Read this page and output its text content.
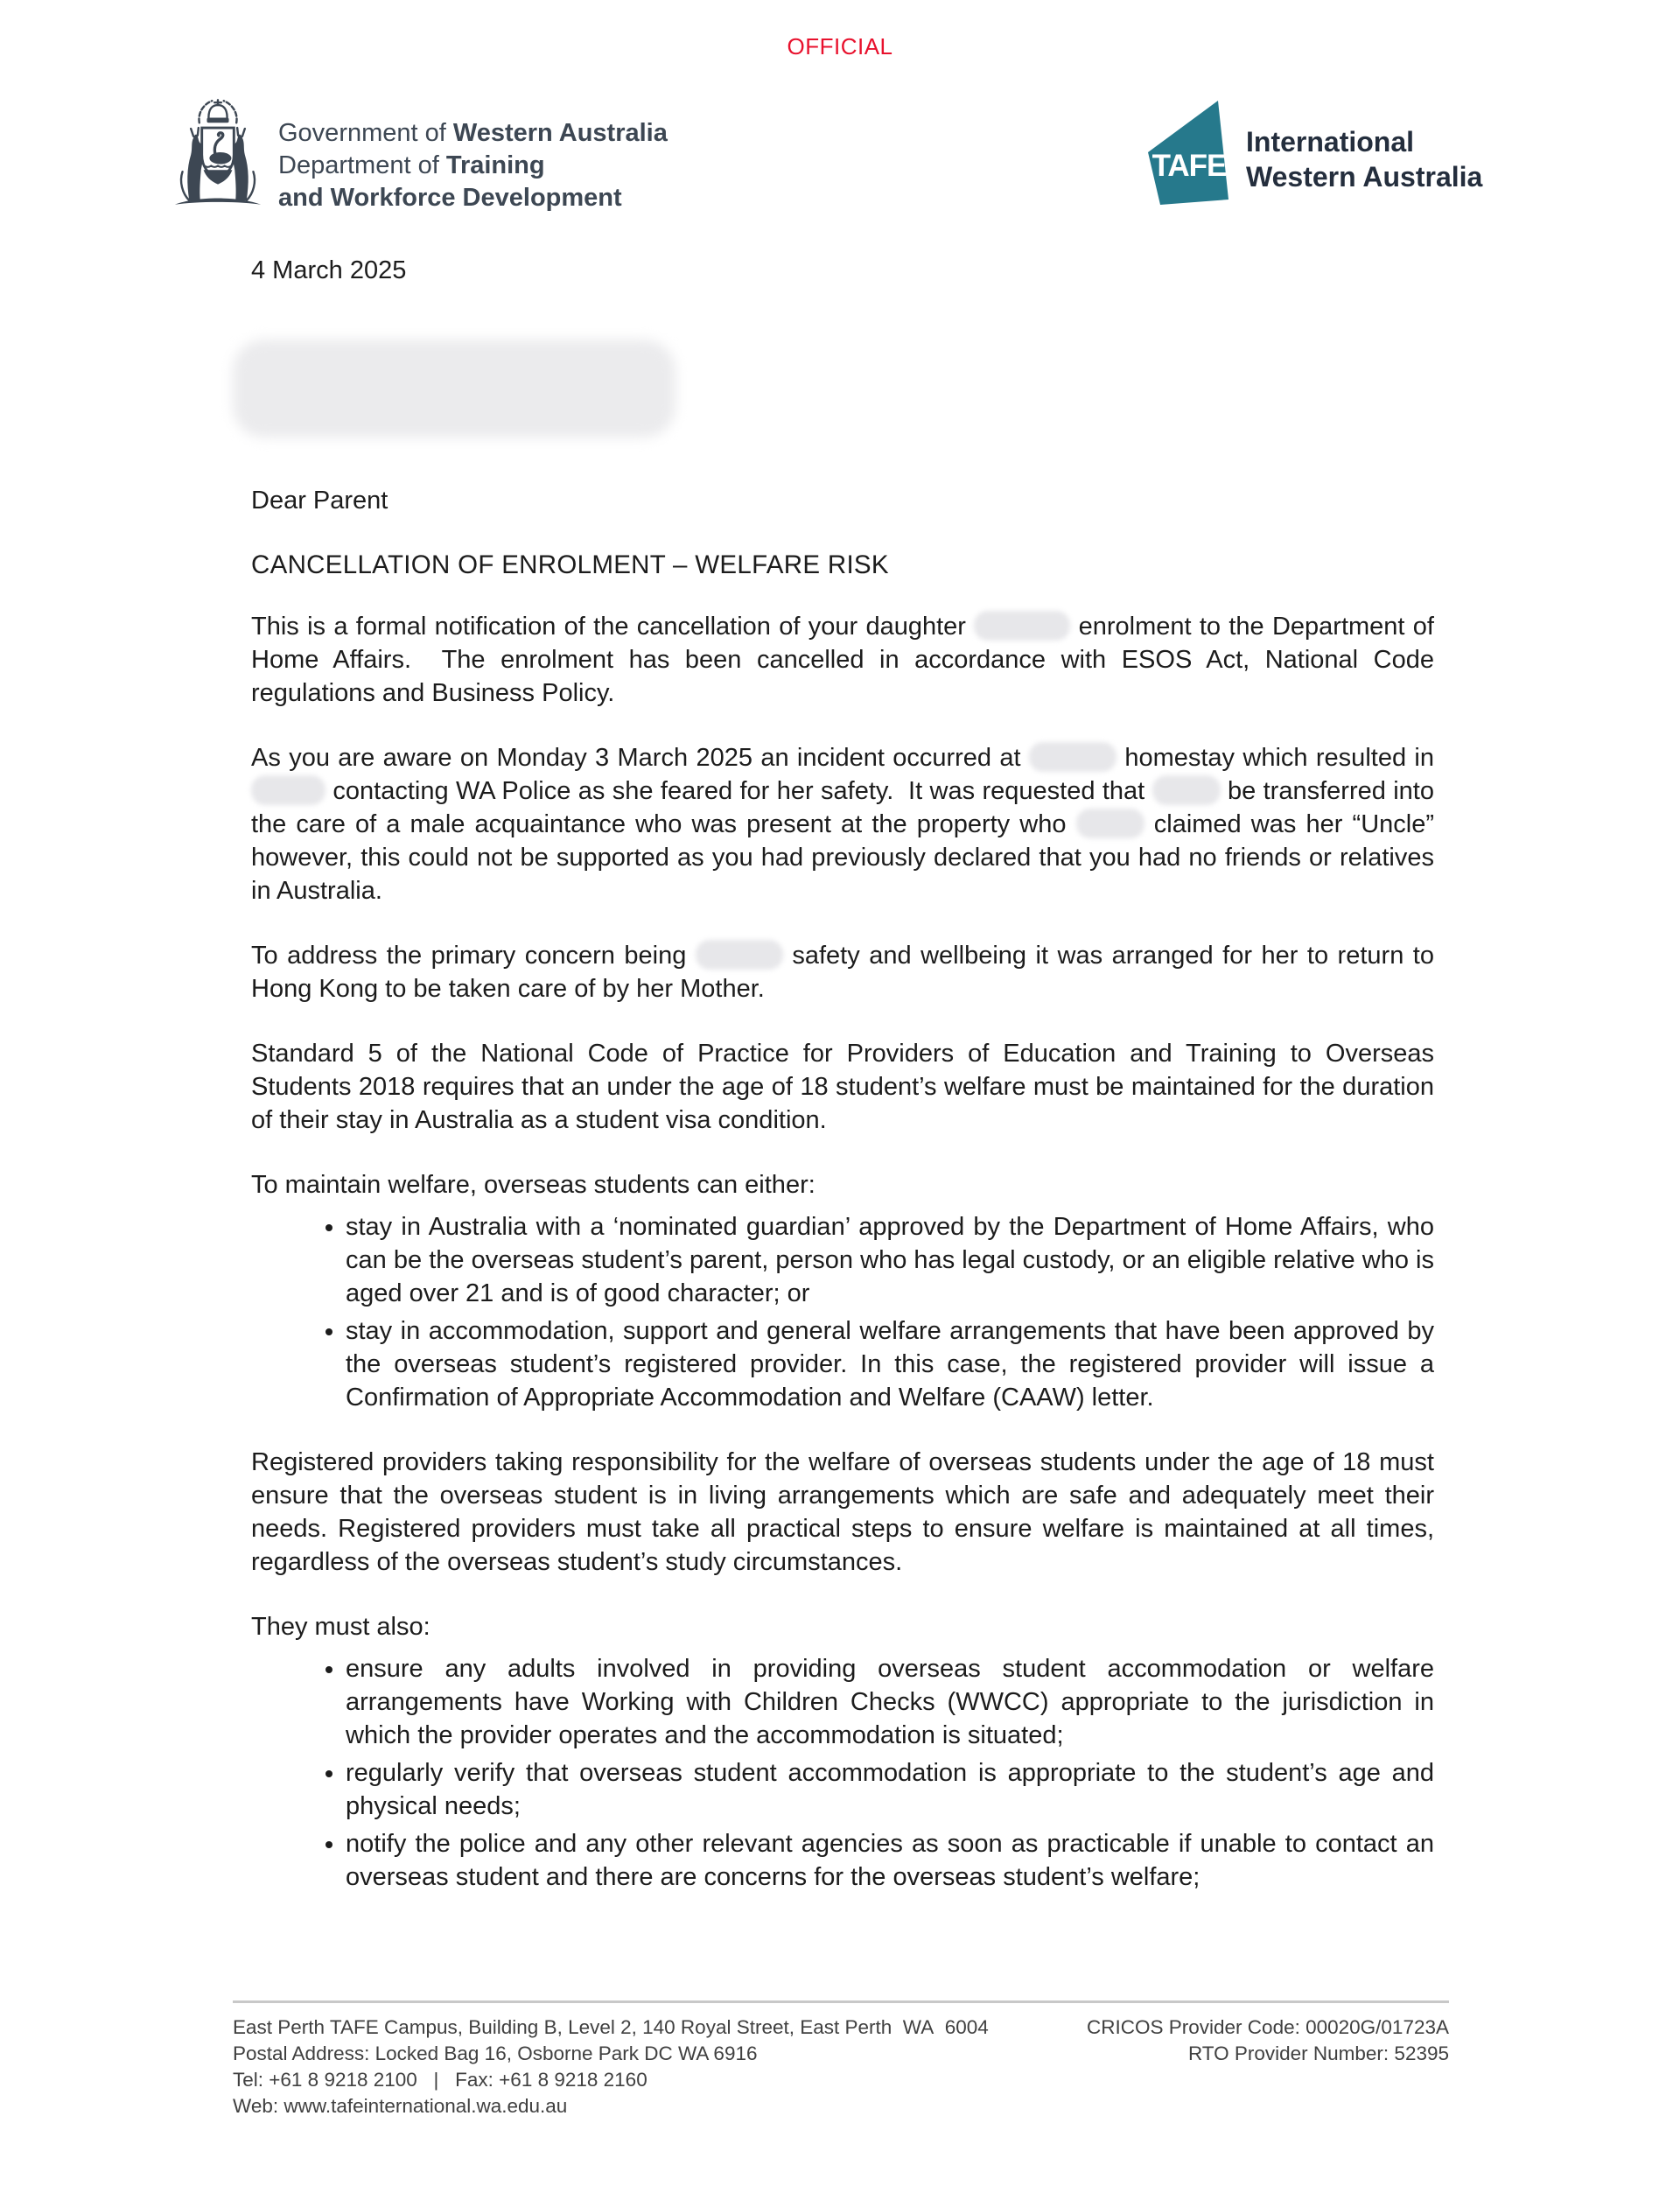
OFFICIAL
Government of Western Australia
Department of Training
and Workforce Development
TAFE
International
Western Australia
4 March 2025
Dear Parent
CANCELLATION OF ENROLMENT – WELFARE RISK

This is a formal notification of the cancellation of your daughter	enrolment to the Department of Home Affairs.  The enrolment has been cancelled in accordance with ESOS Act, National Code regulations and Business Policy.

As you are aware on Monday 3 March 2025 an incident occurred at	homestay which resulted in  contacting WA Police as she feared for her safety.  It was requested that	be transferred into the care of a male acquaintance who was present at the property who	claimed was her “Uncle” however, this could not be supported as you had previously declared that you had no friends or relatives in Australia.

To address the primary concern being	safety and wellbeing it was arranged for her to return to Hong Kong to be taken care of by her Mother.

Standard 5 of the National Code of Practice for Providers of Education and Training to Overseas Students 2018 requires that an under the age of 18 student’s welfare must be maintained for the duration of their stay in Australia as a student visa condition.

To maintain welfare, overseas students can either:

• stay in Australia with a ‘nominated guardian’ approved by the Department of Home Affairs, who can be the overseas student’s parent, person who has legal custody, or an eligible relative who is aged over 21 and is of good character; or
• stay in accommodation, support and general welfare arrangements that have been approved by the overseas student’s registered provider. In this case, the registered provider will issue a Confirmation of Appropriate Accommodation and Welfare (CAAW) letter.

Registered providers taking responsibility for the welfare of overseas students under the age of 18 must ensure that the overseas student is in living arrangements which are safe and adequately meet their needs. Registered providers must take all practical steps to ensure welfare is maintained at all times, regardless of the overseas student’s study circumstances.

They must also:

• ensure any adults involved in providing overseas student accommodation or welfare arrangements have Working with Children Checks (WWCC) appropriate to the jurisdiction in which the provider operates and the accommodation is situated;
• regularly verify that overseas student accommodation is appropriate to the student’s age and physical needs;
• notify the police and any other relevant agencies as soon as practicable if unable to contact an overseas student and there are concerns for the overseas student’s welfare;
East Perth TAFE Campus, Building B, Level 2, 140 Royal Street, East Perth  WA  6004
Postal Address: Locked Bag 16, Osborne Park DC WA 6916
Tel: +61 8 9218 2100   |   Fax: +61 8 9218 2160
Web: www.tafeinternational.wa.edu.au
CRICOS Provider Code: 00020G/01723A
RTO Provider Number: 52395
